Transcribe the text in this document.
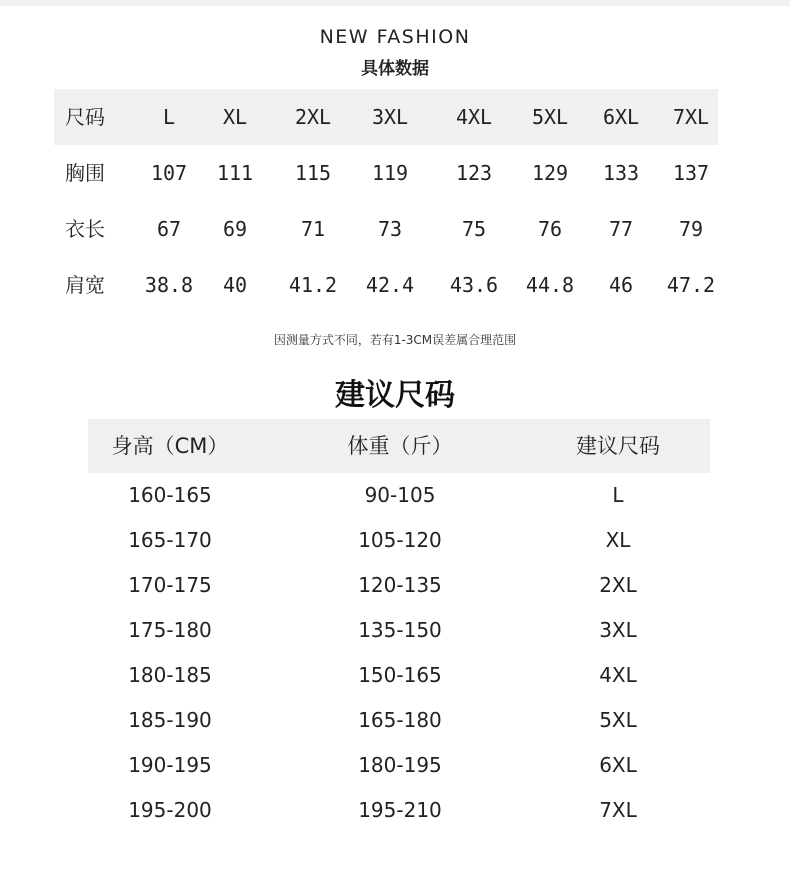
NEW FASHION
具体数据
尺码	L	XL	2XL	3XL	4XL	5XL	6XL	7XL
胸围	107	111	115	119	123	129	133	137
衣长	67	69	71	73	75	76	77	79
肩宽	38.8	40	41.2	42.4	43.6	44.8	46	47.2
因测量方式不同，若有1-3CM误差属合理范围
建议尺码
身高（CM）	体重（斤）	建议尺码
160-165	90-105	L
165-170	105-120	XL
170-175	120-135	2XL
175-180	135-150	3XL
180-185	150-165	4XL
185-190	165-180	5XL
190-195	180-195	6XL
195-200	195-210	7XL
